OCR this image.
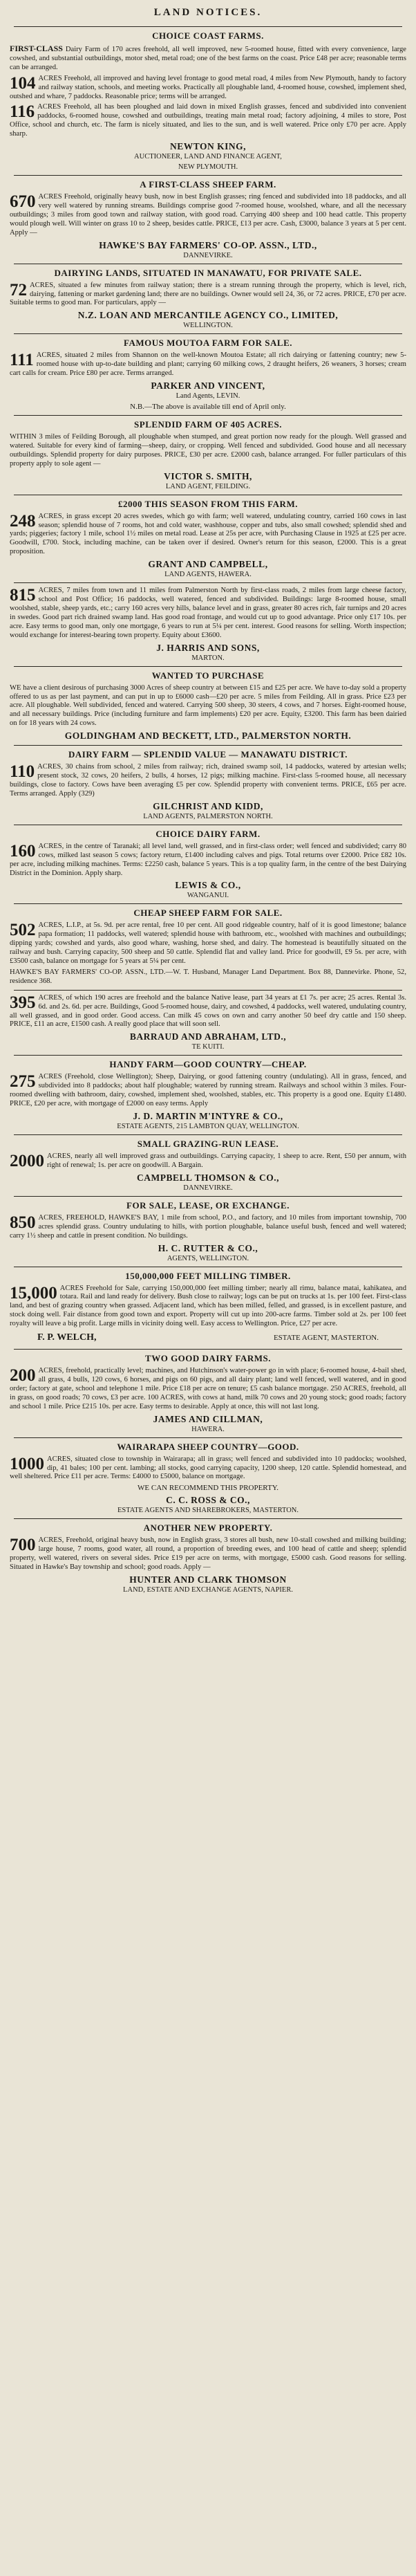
LAND NOTICES.
CHOICE COAST FARMS.

FIRST-CLASS Dairy Farm of 170 acres freehold, all well improved, new 5-roomed house, fitted with every convenience, large cowshed, and substantial outbuildings, motor shed, metal road; one of the best farms on the coast. Price £48 per acre; reasonable terms can be arranged.

104 ACRES Freehold, all improved and having level frontage to good metal road, 4 miles from New Plymouth, handy to factory and railway station, schools, and meeting works. Practically all ploughable land, 4-roomed house, cowshed, implement shed, outshed and whare, 7 paddocks. Reasonable price; terms will be arranged.

116 ACRES Freehold, all has been ploughed and laid down in mixed English grasses, fenced and subdivided into convenient paddocks, 6-roomed house, cowshed and outbuildings, treating main metal road; factory adjoining, 4 miles to store, Post Office, school and church, etc. The farm is nicely situated, and lies to the sun, and is well watered. Price only £70 per acre. Apply sharp.

NEWTON KING,
AUCTIONEER, LAND AND FINANCE AGENT,
NEW PLYMOUTH.
A FIRST-CLASS SHEEP FARM.

670 ACRES Freehold, originally heavy bush, now in best English grasses; ring fenced and subdivided into 18 paddocks, and all very well watered by running streams. Buildings comprise good 7-roomed house, woolshed, whare, and all the necessary outbuildings; 3 miles from good town and railway station, with good road. Carrying 400 sheep and 100 head cattle. This property would plough well. Will winter on grass 10 to 2 sheep, besides cattle. PRICE, £13 per acre. Cash, £3000, balance 3 years at 5 per cent. Apply —

HAWKE'S BAY FARMERS' CO-OP. ASSN., LTD.,
DANNEVIRKE.
DAIRYING LANDS, SITUATED IN MANAWATU, FOR PRIVATE SALE.

72 ACRES, situated a few minutes from railway station; there is a stream running through the property, which is level, rich, dairying, fattening or market gardening land; there are no buildings. Owner would sell 24, 36, or 72 acres. PRICE, £70 per acre. Suitable terms to good man. For particulars, apply —

N.Z. LOAN AND MERCANTILE AGENCY CO., LIMITED,
WELLINGTON.
FAMOUS MOUTOA FARM FOR SALE.

111 ACRES, situated 2 miles from Shannon on the well-known Moutoa Estate; all rich dairying or fattening country; new 5-roomed house with up-to-date building and plant; carrying 60 milking cows, 2 draught heifers, 26 weaners, 3 horses; cream cart calls for cream. Price £80 per acre. Terms arranged.

PARKER AND VINCENT,
Land Agents, LEVIN.
N.B.—The above is available till end of April only.
SPLENDID FARM OF 405 ACRES.

WITHIN 3 miles of Feilding Borough, all ploughable when stumped, and great portion now ready for the plough. Well grassed and watered. Suitable for every kind of farming—sheep, dairy, or cropping. Well fenced and subdivided. Good house and all necessary outbuildings. Splendid property for dairy purposes. PRICE, £30 per acre. £2000 cash, balance arranged. For fuller particulars of this property apply to sole agent —

VICTOR S. SMITH,
LAND AGENT, FEILDING.
£2000 THIS SEASON FROM THIS FARM.

248 ACRES, in grass except 20 acres swedes, which go with farm; well watered, undulating country, carried 160 cows in last season; splendid house of 7 rooms, hot and cold water, washhouse, copper and tubs, also small cowshed; splendid shed and yards; piggeries; factory 1 mile, school 1½ miles on metal road. Lease at 25s per acre, with Purchasing Clause in 1925 at £25 per acre. Goodwill, £700. Stock, including machine, can be taken over if desired. Owner's return for this season, £2000. This is a great proposition.

GRANT AND CAMPBELL,
LAND AGENTS, HAWERA.

815 ACRES, 7 miles from town and 11 miles from Palmerston North by first-class roads, 2 miles from large cheese factory, school and Post Office; 16 paddocks, well watered, fenced and subdivided. Buildings: large 8-roomed house, small woolshed, stable, sheep yards, etc.; carry 160 acres very hills, balance level and in grass, greater 80 acres rich, fair turnips and 20 acres in swedes. Good part rich drained swamp land. Has good road frontage, and would cut up to good advantage. Price only £17 10s. per acre. Easy terms to good man, only one mortgage, 6 years to run at 5¼ per cent. interest. Good reasons for selling. Worth inspection; would exchange for interest-bearing town property. Equity about £3600.

J. HARRIS AND SONS,
MARTON.
WANTED TO PURCHASE

WE have a client desirous of purchasing 3000 Acres of sheep country at between £15 and £25 per acre. We have to-day sold a property offered to us as per last payment, and can put in up to £6000 cash—£20 per acre. 5 miles from Feilding. All in grass. Price £23 per acre. All ploughable. Well subdivided, fenced and watered. Carrying 500 sheep, 30 steers, 4 cows, and 7 horses. Eight-roomed house, and all necessary buildings. Price (including furniture and farm implements) £20 per acre. Equity, £3200. This farm has been dairied on for 18 years with 24 cows.

GOLDINGHAM AND BECKETT, LTD., PALMERSTON NORTH.
DAIRY FARM — SPLENDID VALUE — MANAWATU DISTRICT.

110 ACRES, 30 chains from school, 2 miles from railway; rich, drained swamp soil, 14 paddocks, watered by artesian wells; present stock, 32 cows, 20 heifers, 2 bulls, 4 horses, 12 pigs; milking machine. First-class 5-roomed house, all necessary buildings, close to factory. Cows have been averaging £5 per cow. Splendid property with convenient terms. PRICE, £65 per acre. Terms arranged. Apply (329)

GILCHRIST AND KIDD,
LAND AGENTS, PALMERSTON NORTH.
CHOICE DAIRY FARM.

160 ACRES, in the centre of Taranaki; all level land, well grassed, and in first-class order; well fenced and subdivided; carry 80 cows, milked last season 5 cows; factory return, £1400 including calves and pigs. Total returns over £2000. Price £82 10s. per acre, including milking machines. Terms: £2250 cash, balance 5 years. This is a top quality farm, in the centre of the best Dairying District in the Dominion. Apply sharp.

LEWIS & CO.,
WANGANUI.
CHEAP SHEEP FARM FOR SALE.

502 ACRES, L.I.P., at 5s. 9d. per acre rental, free 10 per cent. All good ridgeable country, half of it is good limestone; balance papa formation; 11 paddocks, well watered; splendid house with bathroom, etc., woolshed with machines and outbuildings; dipping yards; cowshed and yards, also good whare, washing, horse shed, and dairy. The homestead is beautifully situated on the railway and bush. Carrying capacity, 500 sheep and 50 cattle. Splendid flat and valley land. Price for goodwill, £9 5s. per acre, with £3500 cash, balance on mortgage for 5 years at 5¼ per cent.

HAWKE'S BAY FARMERS' CO-OP. ASSN., LTD.—W. T. Husband, Manager Land Department. Box 88, Dannevirke. Phone, 52, residence 368.

395 ACRES, of which 190 acres are freehold and the balance Native lease, part 34 years at £1 7s. per acre; 25 acres. Rental 3s. 6d. and 2s. 6d. per acre. Buildings, Good 5-roomed house, dairy, and cowshed, 4 paddocks, well watered, undulating country, all well grassed, and in good order. Good access. Can milk 45 cows on own and carry another 50 beef dry cattle and 150 sheep. PRICE, £11 an acre, £1500 cash. A really good place that will soon sell.

BARRAUD AND ABRAHAM, LTD.,
TE KUITI.
HANDY FARM—GOOD COUNTRY—CHEAP.

275 ACRES (Freehold, close Wellington); Sheep, Dairying, or good fattening country (undulating). All in grass, fenced, and subdivided into 8 paddocks; about half ploughable; watered by running stream. Railways and school within 3 miles. Four-roomed dwelling with bathroom, dairy, cowshed, implement shed, woolshed, stables, etc. This property is a good one. Equity £1480. PRICE, £20 per acre, with mortgage of £2000 on easy terms. Apply

J. D. MARTIN M'INTYRE & CO.,
ESTATE AGENTS, 215 LAMBTON QUAY, WELLINGTON.
SMALL GRAZING-RUN LEASE.

2000 ACRES, nearly all well improved grass and outbuildings. Carrying capacity, 1 sheep to acre. Rent, £50 per annum, with right of renewal; 1s. per acre on goodwill. A Bargain.

CAMPBELL THOMSON & CO.,
DANNEVIRKE.
FOR SALE, LEASE, OR EXCHANGE.

850 ACRES, FREEHOLD, HAWKE'S BAY, 1 mile from school, P.O., and factory, and 10 miles from important township, 700 acres splendid grass. Country undulating to hills, with portion ploughable, balance useful bush, fenced and well watered; carry 1½ sheep and cattle in present condition. No buildings.

H. C. RUTTER & CO.,
AGENTS, WELLINGTON.
150,000,000 FEET MILLING TIMBER.

15,000 ACRES Freehold for Sale, carrying 150,000,000 feet milling timber; nearly all rimu, balance matai, kahikatea, and totara. Rail and land ready for delivery. Bush close to railway; logs can be put on trucks at 1s. per 100 feet. First-class land, and best of grazing country when grassed. Adjacent land, which has been milled, felled, and grassed, is in excellent pasture, and stock doing well. Fair distance from good town and export. Property will cut up into 200-acre farms. Timber sold at 2s. per 100 feet royalty will leave a big profit. Large mills in vicinity doing well. Easy access to Wellington. Price, £27 per acre.

F. P. WELCH,	ESTATE AGENT, MASTERTON.
TWO GOOD DAIRY FARMS.

200 ACRES, freehold, practically level; machines, and Hutchinson's water-power go in with place; 6-roomed house, 4-bail shed, all grass, 4 bulls, 120 cows, 6 horses, and pigs on 60 pigs, and all dairy plant; land well fenced, well watered, and in good order; factory at gate, school and telephone 1 mile. Price £18 per acre on tenure; £5 cash balance mortgage. 250 ACRES, freehold, all in grass, on good roads; 70 cows, £3 per acre. 100 ACRES, with cows at hand, milk 70 cows and 20 young stock; good roads; factory and school 1 mile. Price £215 10s. per acre. Easy terms to desirable. Apply at once, this will not last long.

JAMES AND CILLMAN,
HAWERA.
WAIRARAPA SHEEP COUNTRY—GOOD.

1000 ACRES, situated close to township in Wairarapa; all in grass; well fenced and subdivided into 10 paddocks; woolshed, dip, 41 bales; 100 per cent. lambing; all stocks, good carrying capacity, 1200 sheep, 120 cattle. Splendid homestead, and well sheltered. Price £11 per acre. Terms: £4000 to £5000, balance on mortgage.

WE CAN RECOMMEND THIS PROPERTY.
C. C. ROSS & CO.,
ESTATE AGENTS AND SHAREBROKERS, MASTERTON.
ANOTHER NEW PROPERTY.

700 ACRES, Freehold, original heavy bush, now in English grass, 3 stores all bush, new 10-stall cowshed and milking building; large house, 7 rooms, good water, all round, a proportion of breeding ewes, and 100 head of cattle and sheep; splendid property, well watered, rivers on several sides. Price £19 per acre on terms, with mortgage, £5000 cash. Good reasons for selling. Situated in Hawke's Bay township and school; good roads. Apply —

HUNTER AND CLARK THOMSON
LAND, ESTATE AND EXCHANGE AGENTS, NAPIER.
